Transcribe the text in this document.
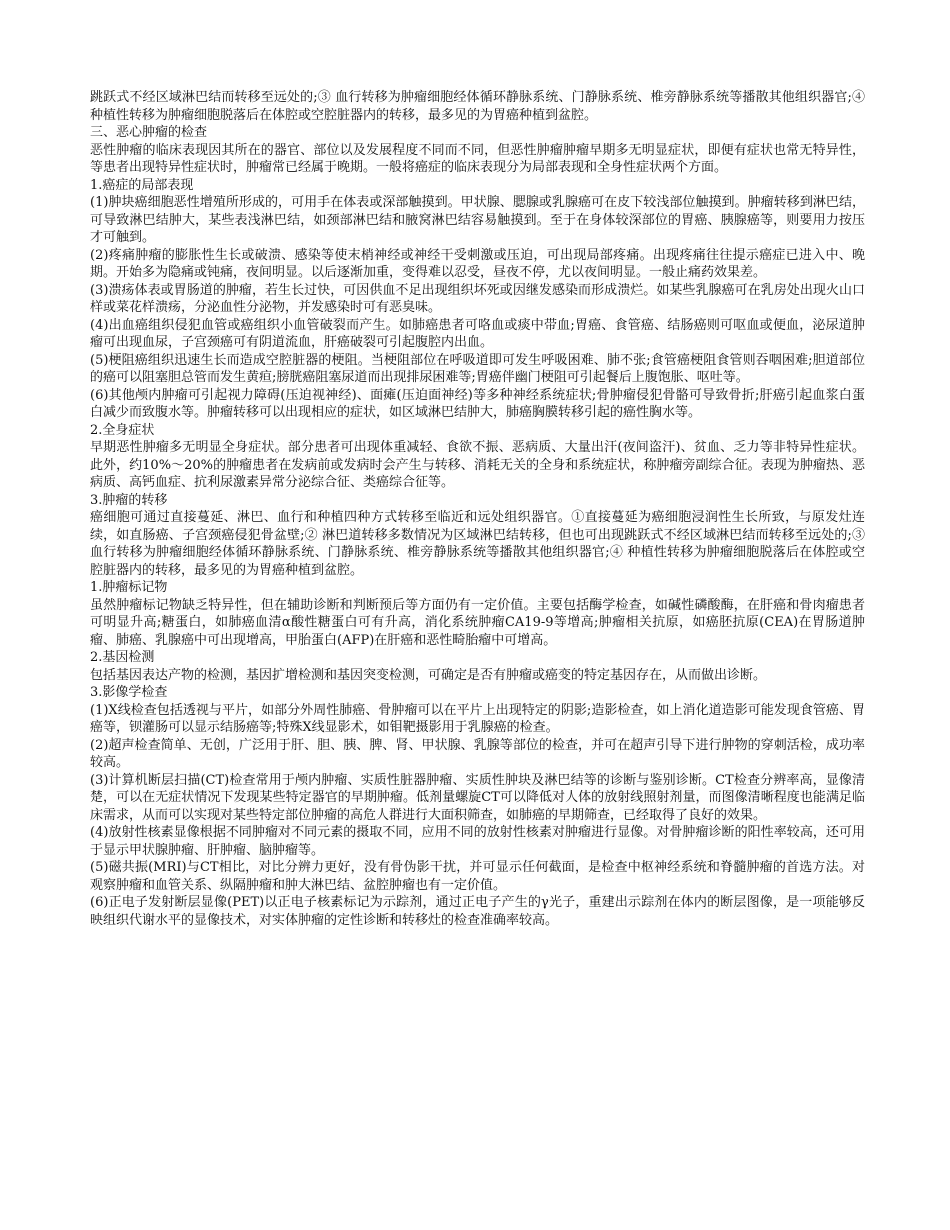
跳跃式不经区域淋巴结而转移至远处的;③ 血行转移为肿瘤细胞经体循环静脉系统、门静脉系统、椎旁静脉系统等播散其他组织器官;④ 种植性转移为肿瘤细胞脱落后在体腔或空腔脏器内的转移，最多见的为胃癌种植到盆腔。

三、恶心肿瘤的检查

恶性肿瘤的临床表现因其所在的器官、部位以及发展程度不同而不同，但恶性肿瘤肿瘤早期多无明显症状，即便有症状也常无特异性，等患者出现特异性症状时，肿瘤常已经属于晚期。一般将癌症的临床表现分为局部表现和全身性症状两个方面。

1.癌症的局部表现

(1)肿块癌细胞恶性增殖所形成的，可用手在体表或深部触摸到。甲状腺、腮腺或乳腺癌可在皮下较浅部位触摸到。肿瘤转移到淋巴结，可导致淋巴结肿大，某些表浅淋巴结，如颈部淋巴结和腋窝淋巴结容易触摸到。至于在身体较深部位的胃癌、胰腺癌等，则要用力按压才可触到。

(2)疼痛肿瘤的膨胀性生长或破溃、感染等使末梢神经或神经干受刺激或压迫，可出现局部疼痛。出现疼痛往往提示癌症已进入中、晚期。开始多为隐痛或钝痛，夜间明显。以后逐渐加重，变得难以忍受，昼夜不停，尤以夜间明显。一般止痛药效果差。

(3)溃疡体表或胃肠道的肿瘤，若生长过快，可因供血不足出现组织坏死或因继发感染而形成溃烂。如某些乳腺癌可在乳房处出现火山口样或菜花样溃疡，分泌血性分泌物，并发感染时可有恶臭味。

(4)出血癌组织侵犯血管或癌组织小血管破裂而产生。如肺癌患者可咯血或痰中带血;胃癌、食管癌、结肠癌则可呕血或便血，泌尿道肿瘤可出现血尿，子宫颈癌可有阴道流血，肝癌破裂可引起腹腔内出血。

(5)梗阻癌组织迅速生长而造成空腔脏器的梗阻。当梗阻部位在呼吸道即可发生呼吸困难、肺不张;食管癌梗阻食管则吞咽困难;胆道部位的癌可以阻塞胆总管而发生黄疸;膀胱癌阻塞尿道而出现排尿困难等;胃癌伴幽门梗阻可引起餐后上腹饱胀、呕吐等。

(6)其他颅内肿瘤可引起视力障碍(压迫视神经)、面瘫(压迫面神经)等多种神经系统症状;骨肿瘤侵犯骨骼可导致骨折;肝癌引起血浆白蛋白减少而致腹水等。肿瘤转移可以出现相应的症状，如区域淋巴结肿大，肺癌胸膜转移引起的癌性胸水等。

2.全身症状

早期恶性肿瘤多无明显全身症状。部分患者可出现体重减轻、食欲不振、恶病质、大量出汗(夜间盗汗)、贫血、乏力等非特异性症状。此外，约10%～20%的肿瘤患者在发病前或发病时会产生与转移、消耗无关的全身和系统症状，称肿瘤旁副综合征。表现为肿瘤热、恶病质、高钙血症、抗利尿激素异常分泌综合征、类癌综合征等。

3.肿瘤的转移

癌细胞可通过直接蔓延、淋巴、血行和种植四种方式转移至临近和远处组织器官。①直接蔓延为癌细胞浸润性生长所致，与原发灶连续，如直肠癌、子宫颈癌侵犯骨盆壁;② 淋巴道转移多数情况为区域淋巴结转移，但也可出现跳跃式不经区域淋巴结而转移至远处的;③ 血行转移为肿瘤细胞经体循环静脉系统、门静脉系统、椎旁静脉系统等播散其他组织器官;④ 种植性转移为肿瘤细胞脱落后在体腔或空腔脏器内的转移，最多见的为胃癌种植到盆腔。

1.肿瘤标记物

虽然肿瘤标记物缺乏特异性，但在辅助诊断和判断预后等方面仍有一定价值。主要包括酶学检查，如碱性磷酸酶，在肝癌和骨肉瘤患者可明显升高;糖蛋白，如肺癌血清α酸性糖蛋白可有升高，消化系统肿瘤CA19-9等增高;肿瘤相关抗原，如癌胚抗原(CEA)在胃肠道肿瘤、肺癌、乳腺癌中可出现增高，甲胎蛋白(AFP)在肝癌和恶性畸胎瘤中可增高。

2.基因检测

包括基因表达产物的检测，基因扩增检测和基因突变检测，可确定是否有肿瘤或癌变的特定基因存在，从而做出诊断。

3.影像学检查

(1)X线检查包括透视与平片，如部分外周性肺癌、骨肿瘤可以在平片上出现特定的阴影;造影检查，如上消化道造影可能发现食管癌、胃癌等，钡灌肠可以显示结肠癌等;特殊Ⅹ线显影术，如钼靶摄影用于乳腺癌的检查。

(2)超声检查简单、无创，广泛用于肝、胆、胰、脾、肾、甲状腺、乳腺等部位的检查，并可在超声引导下进行肿物的穿刺活检，成功率较高。

(3)计算机断层扫描(CT)检查常用于颅内肿瘤、实质性脏器肿瘤、实质性肿块及淋巴结等的诊断与鉴别诊断。CT检查分辨率高，显像清楚，可以在无症状情况下发现某些特定器官的早期肿瘤。低剂量螺旋CT可以降低对人体的放射线照射剂量，而图像清晰程度也能满足临床需求，从而可以实现对某些特定部位肿瘤的高危人群进行大面积筛查，如肺癌的早期筛查，已经取得了良好的效果。

(4)放射性核素显像根据不同肿瘤对不同元素的摄取不同，应用不同的放射性核素对肿瘤进行显像。对骨肿瘤诊断的阳性率较高，还可用于显示甲状腺肿瘤、肝肿瘤、脑肿瘤等。

(5)磁共振(MRI)与CT相比，对比分辨力更好，没有骨伪影干扰，并可显示任何截面，是检查中枢神经系统和脊髓肿瘤的首选方法。对观察肿瘤和血管关系、纵隔肿瘤和肿大淋巴结、盆腔肿瘤也有一定价值。

(6)正电子发射断层显像(PET)以正电子核素标记为示踪剂，通过正电子产生的γ光子，重建出示踪剂在体内的断层图像，是一项能够反映组织代谢水平的显像技术，对实体肿瘤的定性诊断和转移灶的检查准确率较高。
